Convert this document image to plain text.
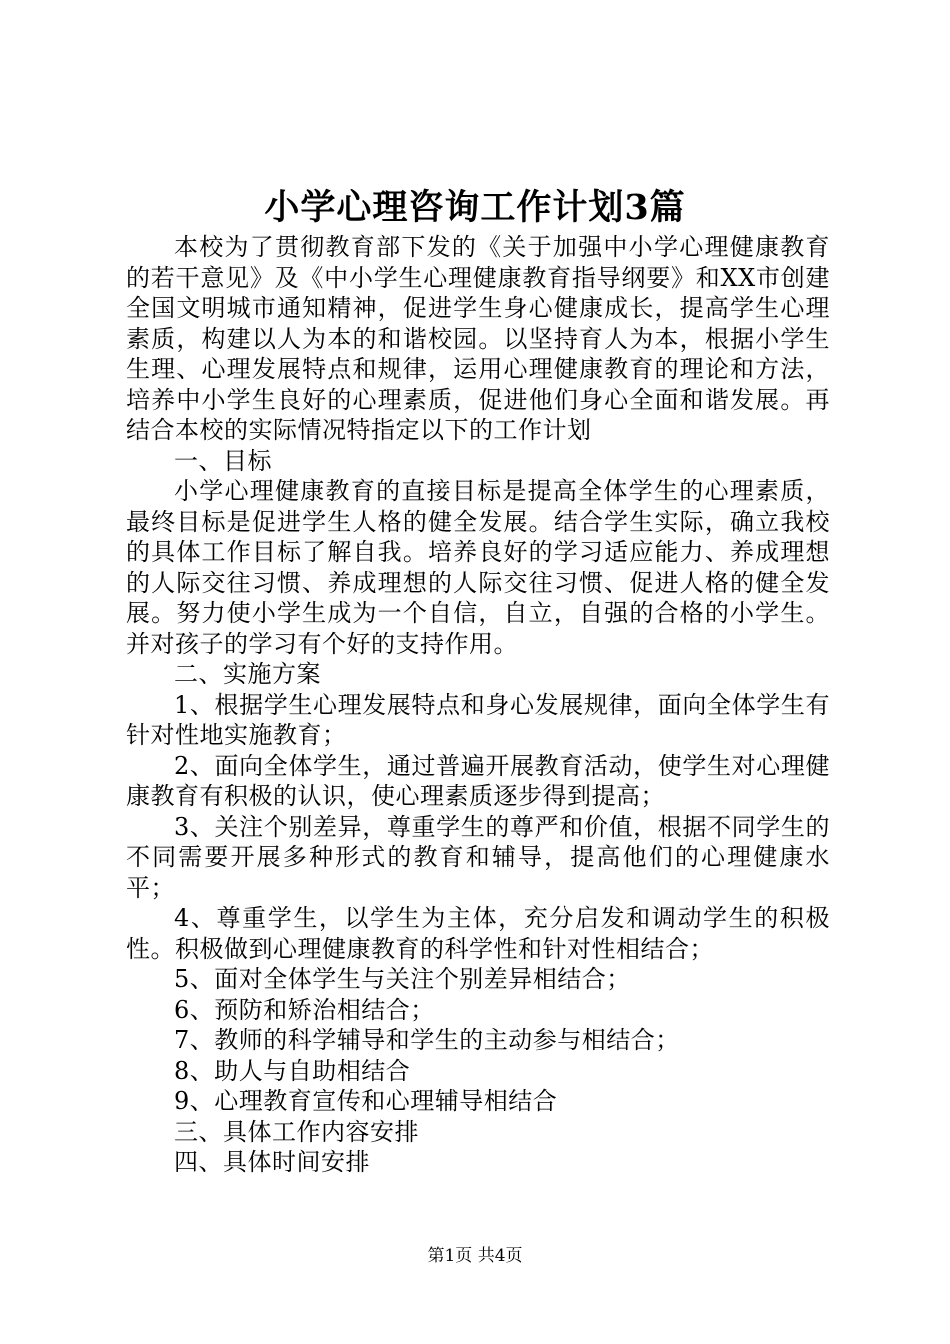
小学心理咨询工作计划3篇

本校为了贯彻教育部下发的《关于加强中小学心理健康教育的若干意见》及《中小学生心理健康教育指导纲要》和XX市创建全国文明城市通知精神，促进学生身心健康成长，提高学生心理素质，构建以人为本的和谐校园。以坚持育人为本，根据小学生生理、心理发展特点和规律，运用心理健康教育的理论和方法，培养中小学生良好的心理素质，促进他们身心全面和谐发展。再结合本校的实际情况特指定以下的工作计划

一、目标

小学心理健康教育的直接目标是提高全体学生的心理素质，最终目标是促进学生人格的健全发展。结合学生实际，确立我校的具体工作目标了解自我。培养良好的学习适应能力、养成理想的人际交往习惯、养成理想的人际交往习惯、促进人格的健全发展。努力使小学生成为一个自信，自立，自强的合格的小学生。并对孩子的学习有个好的支持作用。

二、实施方案

1、根据学生心理发展特点和身心发展规律，面向全体学生有针对性地实施教育；

2、面向全体学生，通过普遍开展教育活动，使学生对心理健康教育有积极的认识，使心理素质逐步得到提高；

3、关注个别差异，尊重学生的尊严和价值，根据不同学生的不同需要开展多种形式的教育和辅导，提高他们的心理健康水平；

4、尊重学生，以学生为主体，充分启发和调动学生的积极性。积极做到心理健康教育的科学性和针对性相结合；

5、面对全体学生与关注个别差异相结合；

6、预防和矫治相结合；

7、教师的科学辅导和学生的主动参与相结合；

8、助人与自助相结合

9、心理教育宣传和心理辅导相结合

三、具体工作内容安排

四、具体时间安排

第1页 共4页
